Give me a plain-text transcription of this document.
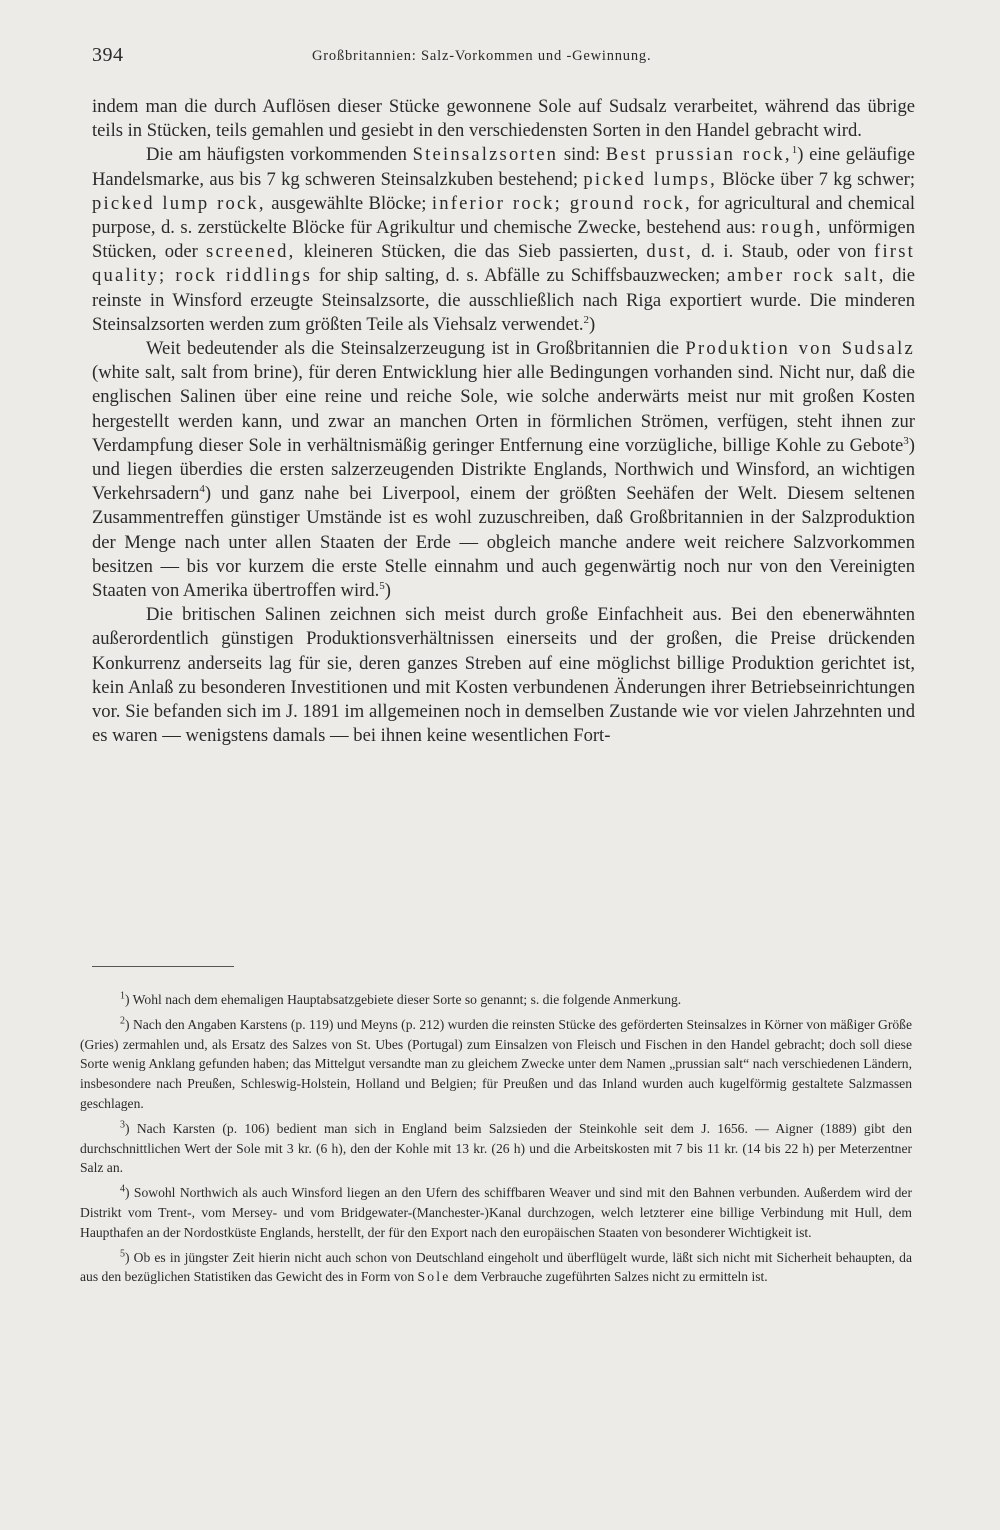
394	Großbritannien: Salz-Vorkommen und -Gewinnung.

indem man die durch Auflösen dieser Stücke gewonnene Sole auf Sudsalz verarbeitet, während das übrige teils in Stücken, teils gemahlen und gesiebt in den verschiedensten Sorten in den Handel gebracht wird.

Die am häufigsten vorkommenden Steinsalzsorten sind: Best prussian rock,$^1$) eine geläufige Handelsmarke, aus bis 7 kg schweren Steinsalzkuben bestehend; picked lumps, Blöcke über 7 kg schwer; picked lump rock, ausgewählte Blöcke; inferior rock; ground rock, for agricultural and chemical purpose, d. s. zerstückelte Blöcke für Agrikultur und chemische Zwecke, bestehend aus: rough, unförmigen Stücken, oder screened, kleineren Stücken, die das Sieb passierten, dust, d. i. Staub, oder von first quality; rock riddlings for ship salting, d. s. Abfälle zu Schiffsbauzwecken; amber rock salt, die reinste in Winsford erzeugte Steinsalzsorte, die ausschließlich nach Riga exportiert wurde. Die minderen Steinsalzsorten werden zum größten Teile als Viehsalz verwendet.$^2$)

Weit bedeutender als die Steinsalzerzeugung ist in Großbritannien die Produktion von Sudsalz (white salt, salt from brine), für deren Entwicklung hier alle Bedingungen vorhanden sind. Nicht nur, daß die englischen Salinen über eine reine und reiche Sole, wie solche anderwärts meist nur mit großen Kosten hergestellt werden kann, und zwar an manchen Orten in förmlichen Strömen, verfügen, steht ihnen zur Verdampfung dieser Sole in verhältnismäßig geringer Entfernung eine vorzügliche, billige Kohle zu Gebote$^3$) und liegen überdies die ersten salzerzeugenden Distrikte Englands, Northwich und Winsford, an wichtigen Verkehrsadern$^4$) und ganz nahe bei Liverpool, einem der größten Seehäfen der Welt. Diesem seltenen Zusammentreffen günstiger Umstände ist es wohl zuzuschreiben, daß Großbritannien in der Salzproduktion der Menge nach unter allen Staaten der Erde — obgleich manche andere weit reichere Salzvorkommen besitzen — bis vor kurzem die erste Stelle einnahm und auch gegenwärtig noch nur von den Vereinigten Staaten von Amerika übertroffen wird.$^5$)

Die britischen Salinen zeichnen sich meist durch große Einfachheit aus. Bei den ebenerwähnten außerordentlich günstigen Produktionsverhältnissen einerseits und der großen, die Preise drückenden Konkurrenz anderseits lag für sie, deren ganzes Streben auf eine möglichst billige Produktion gerichtet ist, kein Anlaß zu besonderen Investitionen und mit Kosten verbundenen Änderungen ihrer Betriebseinrichtungen vor. Sie befanden sich im J. 1891 im allgemeinen noch in demselben Zustande wie vor vielen Jahrzehnten und es waren — wenigstens damals — bei ihnen keine wesentlichen Fort-

$^1$) Wohl nach dem ehemaligen Hauptabsatzgebiete dieser Sorte so genannt; s. die folgende Anmerkung.

$^2$) Nach den Angaben Karstens (p. 119) und Meyns (p. 212) wurden die reinsten Stücke des geförderten Steinsalzes in Körner von mäßiger Größe (Gries) zermahlen und, als Ersatz des Salzes von St. Ubes (Portugal) zum Einsalzen von Fleisch und Fischen in den Handel gebracht; doch soll diese Sorte wenig Anklang gefunden haben; das Mittelgut versandte man zu gleichem Zwecke unter dem Namen „prussian salt“ nach verschiedenen Ländern, insbesondere nach Preußen, Schleswig-Holstein, Holland und Belgien; für Preußen und das Inland wurden auch kugelförmig gestaltete Salzmassen geschlagen.

$^3$) Nach Karsten (p. 106) bedient man sich in England beim Salzsieden der Steinkohle seit dem J. 1656. — Aigner (1889) gibt den durchschnittlichen Wert der Sole mit 3 kr. (6 h), den der Kohle mit 13 kr. (26 h) und die Arbeitskosten mit 7 bis 11 kr. (14 bis 22 h) per Meterzentner Salz an.

$^4$) Sowohl Northwich als auch Winsford liegen an den Ufern des schiffbaren Weaver und sind mit den Bahnen verbunden. Außerdem wird der Distrikt vom Trent-, vom Mersey- und vom Bridgewater-(Manchester-)Kanal durchzogen, welch letzterer eine billige Verbindung mit Hull, dem Haupthafen an der Nordostküste Englands, herstellt, der für den Export nach den europäischen Staaten von besonderer Wichtigkeit ist.

$^5$) Ob es in jüngster Zeit hierin nicht auch schon von Deutschland eingeholt und überflügelt wurde, läßt sich nicht mit Sicherheit behaupten, da aus den bezüglichen Statistiken das Gewicht des in Form von Sole dem Verbrauche zugeführten Salzes nicht zu ermitteln ist.
